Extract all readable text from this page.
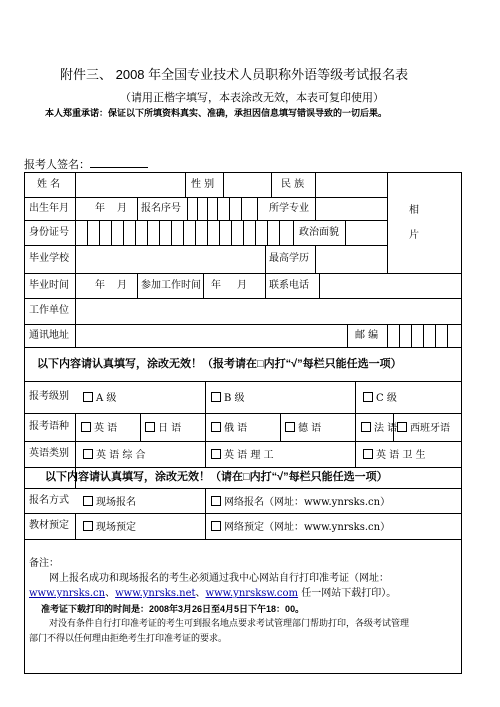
附件三、 2008 年全国专业技术人员职称外语等级考试报名表
（请用正楷字填写，本表涂改无效，本表可复印使用）
本人郑重承诺：保证以下所填资料真实、准确，承担因信息填写错误导致的一切后果。
报考人签名：
姓 名	性 别	民 族
出生年月	年 月 报名序号	所学专业	相
片
身份证号	政治面貌
毕业学校	最高学历
毕业时间	年 月 参加工作时间 年 月 联系电话
工作单位
通讯地址	邮 编
以下内容请认真填写，涂改无效！（报考请在□内打“√”每栏只能任选一项）
报考级别	A 级	B 级	C 级
报考语种	英 语	日 语	俄 语	德 语	法 语	西班牙语
英语类别	英 语 综 合	英 语 理 工	英 语 卫 生
以下内容请认真填写，涂改无效！（请在□内打“√”每栏只能任选一项）
报名方式	现场报名	网络报名（网址：www.ynrsks.cn）
教材预定	现场预定	网络预定（网址：www.ynrsks.cn）
备注：
网上报名成功和现场报名的考生必须通过我中心网站自行打印准考证（网址：
www.ynrsks.cn、www.ynrsks.net、www.ynrsksw.com 任一网站下载打印）。
准考证下载打印的时间是：2008年3月26日至4月5日下午18：00。
对没有条件自行打印准考证的考生可到报名地点要求考试管理部门帮助打印，各级考试管理
部门不得以任何理由拒绝考生打印准考证的要求。
